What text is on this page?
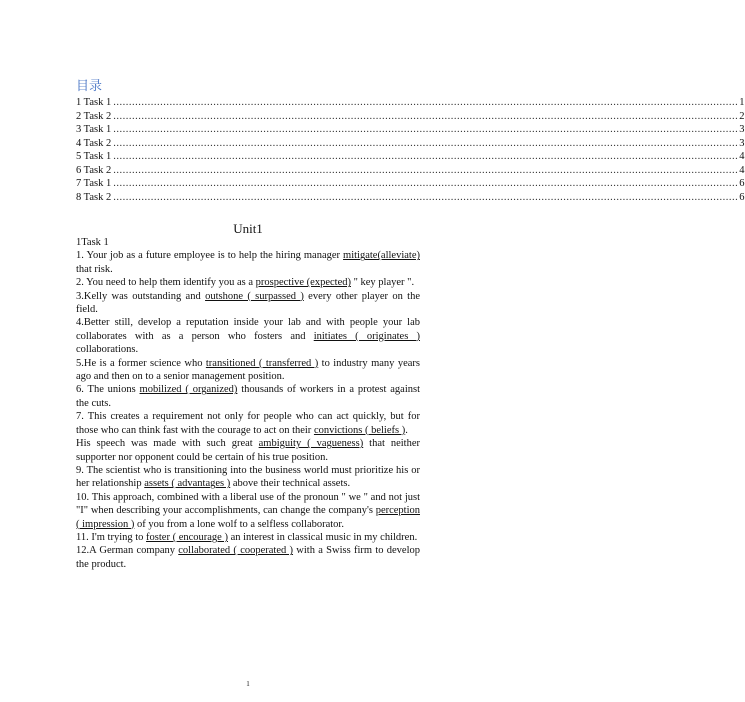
目录
1 Task 1 ........................................................................................................................................................................................................ 1
2 Task 2 ........................................................................................................................................................................................................ 2
3 Task 1 ........................................................................................................................................................................................................ 3
4 Task 2 ........................................................................................................................................................................................................ 3
5 Task 1 ........................................................................................................................................................................................................ 4
6 Task 2 ........................................................................................................................................................................................................ 4
7 Task 1 ........................................................................................................................................................................................................ 6
8 Task 2 ........................................................................................................................................................................................................ 6
Unit1

1Task 1

1. Your job as a future employee is to help the hiring manager mitigate(alleviate) that risk.

2. You need to help them identify you as a prospective (expected) " key player ".

3.Kelly was outstanding and outshone ( surpassed ) every other player on the field.

4.Better still, develop a reputation inside your lab and with people your lab collaborates with as a person who fosters and initiates ( originates ) collaborations.

5.He is a former science who transitioned ( transferred ) to industry many years ago and then on to a senior management position.

6. The unions mobilized ( organized) thousands of workers in a protest against the cuts.

7. This creates a requirement not only for people who can act quickly, but for those who can think fast with the courage to act on their convictions ( beliefs ).

His speech was made with such great ambiguity ( vagueness) that neither supporter nor opponent could be certain of his true position.

9. The scientist who is transitioning into the business world must prioritize his or her relationship assets ( advantages ) above their technical assets.

10. This approach, combined with a liberal use of the pronoun " we " and not just "I" when describing your accomplishments, can change the company's perception ( impression ) of you from a lone wolf to a selfless collaborator.

11. I'm trying to foster ( encourage ) an interest in classical music in my children.

12.A German company collaborated ( cooperated ) with a Swiss firm to develop the product.

1
